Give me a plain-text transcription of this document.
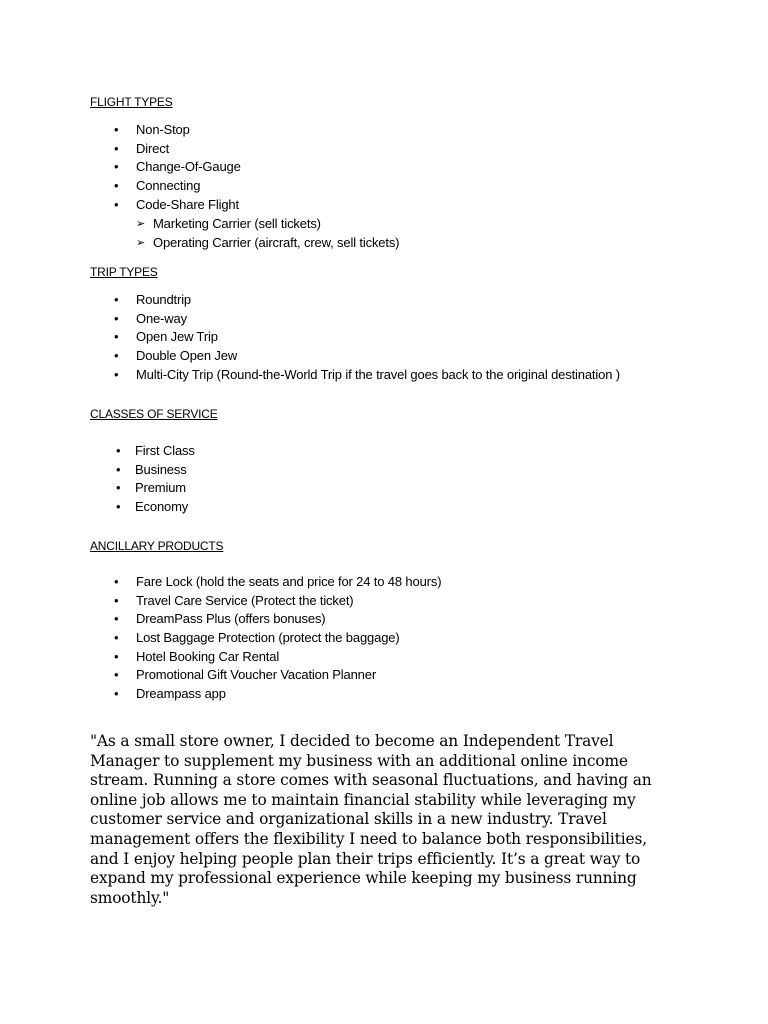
FLIGHT TYPES
• Non-Stop
• Direct
• Change-Of-Gauge
• Connecting
• Code-Share Flight
➢ Marketing Carrier (sell tickets)
➢ Operating Carrier (aircraft, crew, sell tickets)
TRIP TYPES
• Roundtrip
• One-way
• Open Jew Trip
• Double Open Jew
• Multi-City Trip (Round-the-World Trip if the travel goes back to the original destination )
CLASSES OF SERVICE
• First Class
• Business
• Premium
• Economy
ANCILLARY PRODUCTS
• Fare Lock (hold the seats and price for 24 to 48 hours)
• Travel Care Service (Protect the ticket)
• DreamPass Plus (offers bonuses)
• Lost Baggage Protection (protect the baggage)
• Hotel Booking Car Rental
• Promotional Gift Voucher Vacation Planner
• Dreampass app
"As a small store owner, I decided to become an Independent Travel
Manager to supplement my business with an additional online income
stream. Running a store comes with seasonal fluctuations, and having an
online job allows me to maintain financial stability while leveraging my
customer service and organizational skills in a new industry. Travel
management offers the flexibility I need to balance both responsibilities,
and I enjoy helping people plan their trips efficiently. It’s a great way to
expand my professional experience while keeping my business running
smoothly."
